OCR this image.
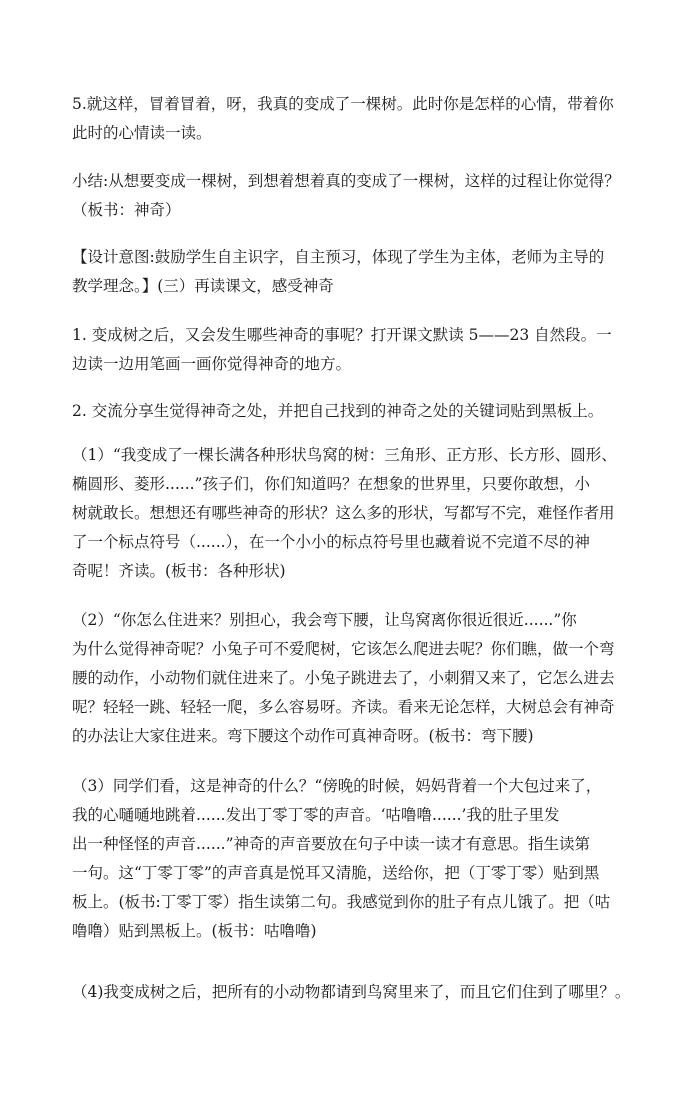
5.就这样，冒着冒着，呀，我真的变成了一棵树。此时你是怎样的心情，带着你
此时的心情读一读。
小结:从想要变成一棵树，到想着想着真的变成了一棵树，这样的过程让你觉得？
（板书：神奇）
【设计意图:鼓励学生自主识字，自主预习，体现了学生为主体，老师为主导的
教学理念。】(三）再读课文，感受神奇
1. 变成树之后，又会发生哪些神奇的事呢？打开课文默读 5——23 自然段。一
边读一边用笔画一画你觉得神奇的地方。
2. 交流分享生觉得神奇之处，并把自己找到的神奇之处的关键词贴到黑板上。
（1）“我变成了一棵长满各种形状鸟窝的树：三角形、正方形、长方形、圆形、
椭圆形、菱形......”孩子们，你们知道吗？在想象的世界里，只要你敢想，小
树就敢长。想想还有哪些神奇的形状？这么多的形状，写都写不完，难怪作者用
了一个标点符号（......），在一个小小的标点符号里也藏着说不完道不尽的神
奇呢！齐读。(板书：各种形状)
（2）“你怎么住进来？别担心，我会弯下腰，让鸟窝离你很近很近......”你
为什么觉得神奇呢？小兔子可不爱爬树，它该怎么爬进去呢？你们瞧，做一个弯
腰的动作，小动物们就住进来了。小兔子跳进去了，小刺猬又来了，它怎么进去
呢？轻轻一跳、轻轻一爬，多么容易呀。齐读。看来无论怎样，大树总会有神奇
的办法让大家住进来。弯下腰这个动作可真神奇呀。(板书：弯下腰)
（3）同学们看，这是神奇的什么？“傍晚的时候，妈妈背着一个大包过来了，
我的心嗵嗵地跳着......发出丁零丁零的声音。‘咕噜噜......’我的肚子里发
出一种怪怪的声音......”神奇的声音要放在句子中读一读才有意思。指生读第
一句。这“丁零丁零”的声音真是悦耳又清脆，送给你，把（丁零丁零）贴到黑
板上。(板书:丁零丁零）指生读第二句。我感觉到你的肚子有点儿饿了。把（咕
噜噜）贴到黑板上。(板书：咕噜噜)
（4)我变成树之后，把所有的小动物都请到鸟窝里来了，而且它们住到了哪里？。
